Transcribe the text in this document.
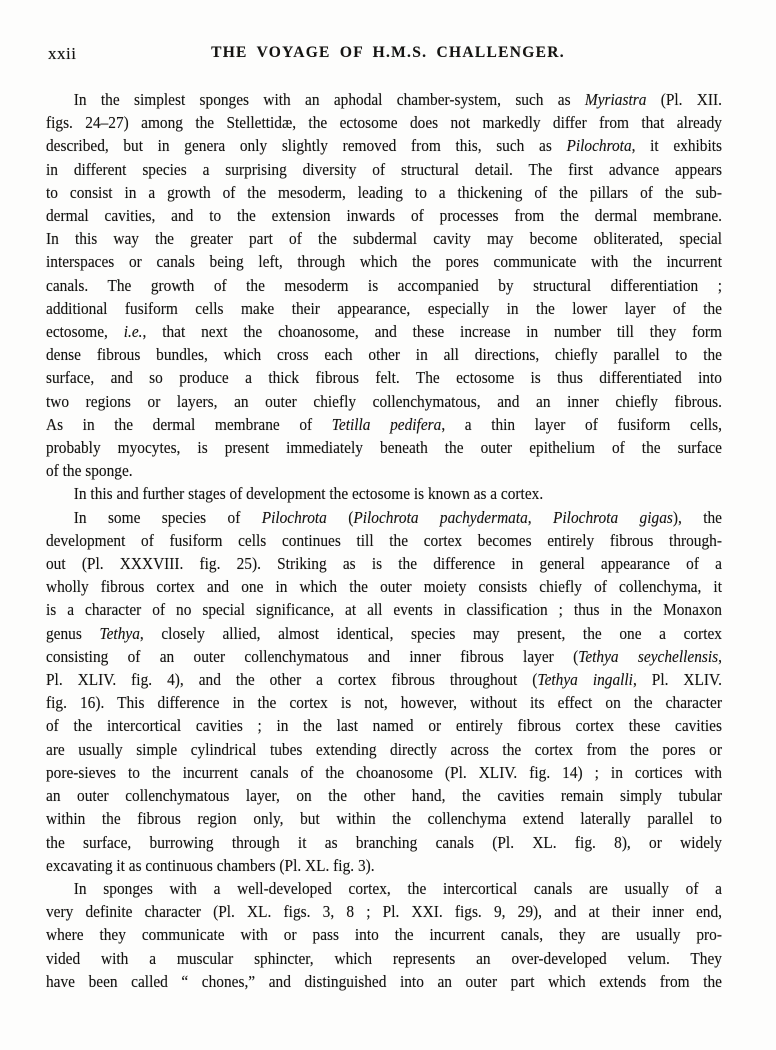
xxii	THE VOYAGE OF H.M.S. CHALLENGER.
In the simplest sponges with an aphodal chamber-system, such as Myriastra (Pl. XII.
figs. 24–27) among the Stellettidæ, the ectosome does not markedly differ from that already
described, but in genera only slightly removed from this, such as Pilochrota, it exhibits
in different species a surprising diversity of structural detail. The first advance appears
to consist in a growth of the mesoderm, leading to a thickening of the pillars of the sub-
dermal cavities, and to the extension inwards of processes from the dermal membrane.
In this way the greater part of the subdermal cavity may become obliterated, special
interspaces or canals being left, through which the pores communicate with the incurrent
canals. The growth of the mesoderm is accompanied by structural differentiation ;
additional fusiform cells make their appearance, especially in the lower layer of the
ectosome, i.e., that next the choanosome, and these increase in number till they form
dense fibrous bundles, which cross each other in all directions, chiefly parallel to the
surface, and so produce a thick fibrous felt. The ectosome is thus differentiated into
two regions or layers, an outer chiefly collenchymatous, and an inner chiefly fibrous.
As in the dermal membrane of Tetilla pedifera, a thin layer of fusiform cells,
probably myocytes, is present immediately beneath the outer epithelium of the surface
of the sponge.
In this and further stages of development the ectosome is known as a cortex.
In some species of Pilochrota (Pilochrota pachydermata, Pilochrota gigas), the
development of fusiform cells continues till the cortex becomes entirely fibrous through-
out (Pl. XXXVIII. fig. 25). Striking as is the difference in general appearance of a
wholly fibrous cortex and one in which the outer moiety consists chiefly of collenchyma, it
is a character of no special significance, at all events in classification ; thus in the Monaxon
genus Tethya, closely allied, almost identical, species may present, the one a cortex
consisting of an outer collenchymatous and inner fibrous layer (Tethya seychellensis,
Pl. XLIV. fig. 4), and the other a cortex fibrous throughout (Tethya ingalli, Pl. XLIV.
fig. 16). This difference in the cortex is not, however, without its effect on the character
of the intercortical cavities ; in the last named or entirely fibrous cortex these cavities
are usually simple cylindrical tubes extending directly across the cortex from the pores or
pore-sieves to the incurrent canals of the choanosome (Pl. XLIV. fig. 14) ; in cortices with
an outer collenchymatous layer, on the other hand, the cavities remain simply tubular
within the fibrous region only, but within the collenchyma extend laterally parallel to
the surface, burrowing through it as branching canals (Pl. XL. fig. 8), or widely
excavating it as continuous chambers (Pl. XL. fig. 3).
In sponges with a well-developed cortex, the intercortical canals are usually of a
very definite character (Pl. XL. figs. 3, 8 ; Pl. XXI. figs. 9, 29), and at their inner end,
where they communicate with or pass into the incurrent canals, they are usually pro-
vided with a muscular sphincter, which represents an over-developed velum. They
have been called “ chones,” and distinguished into an outer part which extends from the
